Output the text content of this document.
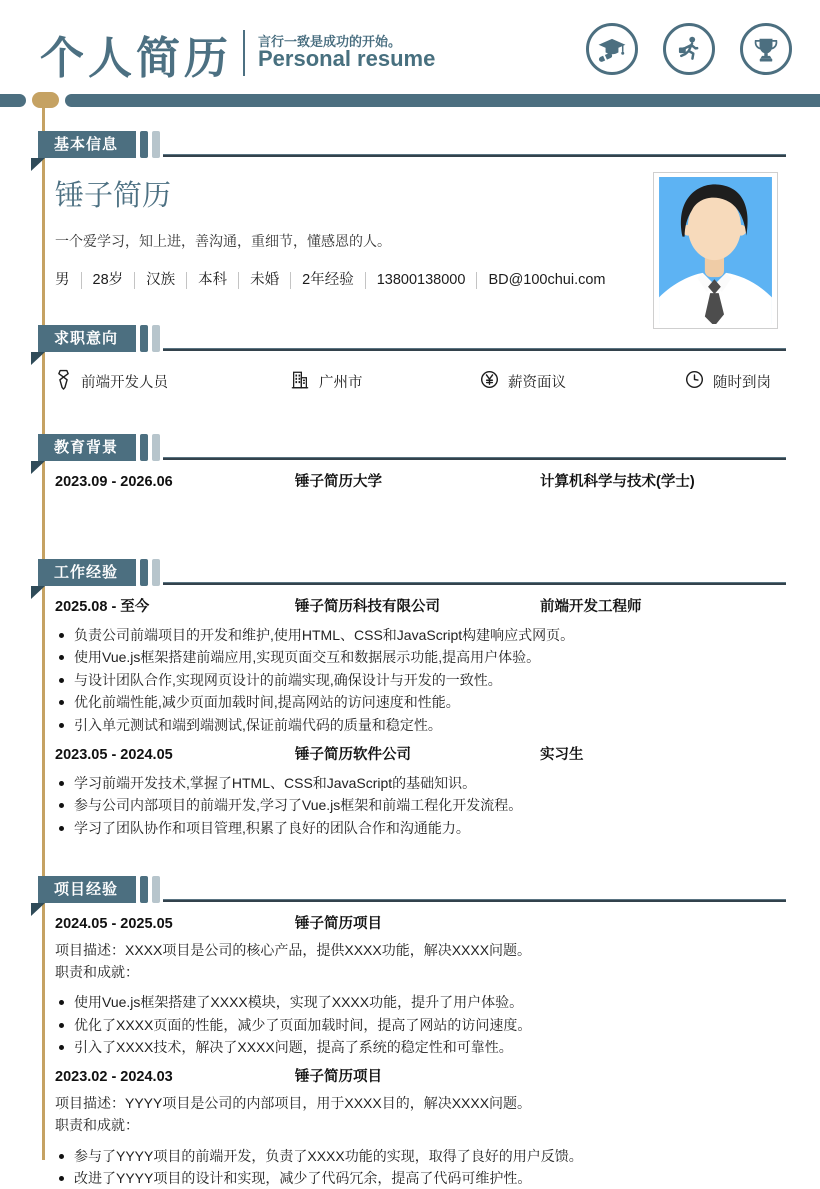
个人简历 言行一致是成功的开始。
Personal resume
基本信息
锤子简历
一个爱学习，知上进，善沟通，重细节，懂感恩的人。
男	28岁	汉族	本科	未婚	2年经验	13800138000	BD@100chui.com
求职意向
前端开发人员	广州市	薪资面议	随时到岗
教育背景
2023.09 - 2026.06	锤子简历大学	计算机科学与技术(学士)
工作经验
2025.08 - 至今	锤子简历科技有限公司	前端开发工程师
负责公司前端项目的开发和维护,使用HTML、CSS和JavaScript构建响应式网页。
使用Vue.js框架搭建前端应用,实现页面交互和数据展示功能,提高用户体验。
与设计团队合作,实现网页设计的前端实现,确保设计与开发的一致性。
优化前端性能,减少页面加载时间,提高网站的访问速度和性能。
引入单元测试和端到端测试,保证前端代码的质量和稳定性。
2023.05 - 2024.05	锤子简历软件公司	实习生
学习前端开发技术,掌握了HTML、CSS和JavaScript的基础知识。
参与公司内部项目的前端开发,学习了Vue.js框架和前端工程化开发流程。
学习了团队协作和项目管理,积累了良好的团队合作和沟通能力。
项目经验
2024.05 - 2025.05	锤子简历项目
项目描述：XXXX项目是公司的核心产品，提供XXXX功能，解决XXXX问题。
职责和成就：
使用Vue.js框架搭建了XXXX模块，实现了XXXX功能，提升了用户体验。
优化了XXXX页面的性能，减少了页面加载时间，提高了网站的访问速度。
引入了XXXX技术，解决了XXXX问题，提高了系统的稳定性和可靠性。
2023.02 - 2024.03	锤子简历项目
项目描述：YYYY项目是公司的内部项目，用于XXXX目的，解决XXXX问题。
职责和成就：
参与了YYYY项目的前端开发，负责了XXXX功能的实现，取得了良好的用户反馈。
改进了YYYY项目的设计和实现，减少了代码冗余，提高了代码可维护性。
